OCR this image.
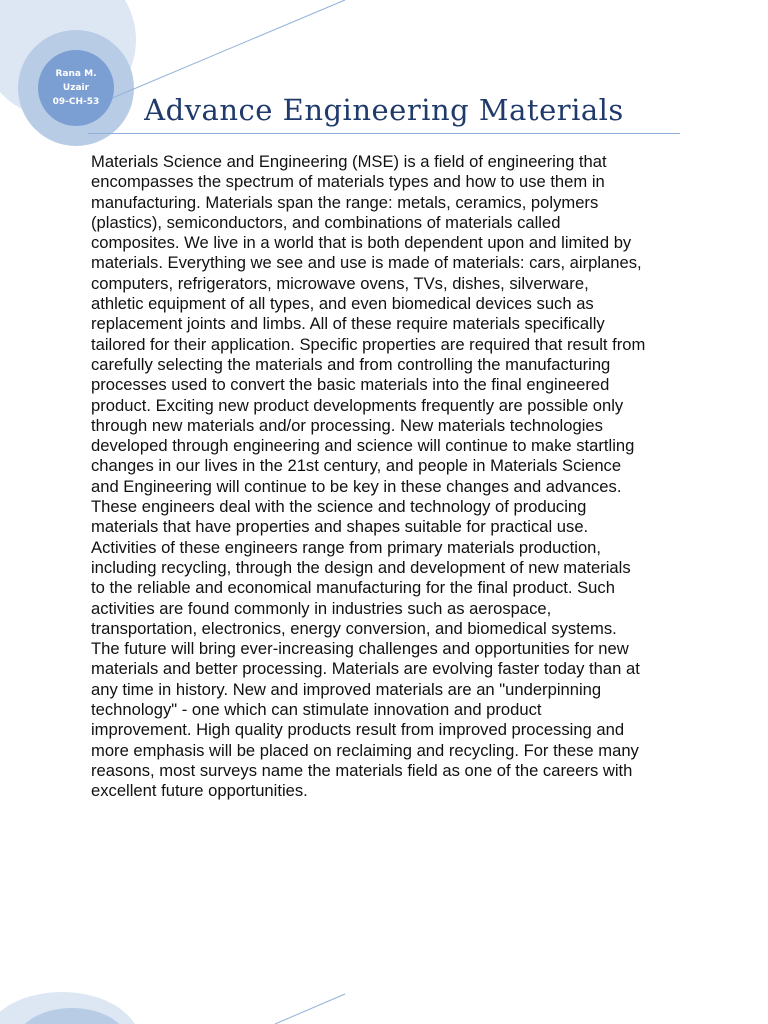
Rana M.
Uzair
09-CH-53	Advance Engineering Materials

Materials Science and Engineering (MSE) is a field of engineering that
encompasses the spectrum of materials types and how to use them in
manufacturing. Materials span the range: metals, ceramics, polymers
(plastics), semiconductors, and combinations of materials called
composites. We live in a world that is both dependent upon and limited by
materials. Everything we see and use is made of materials: cars, airplanes,
computers, refrigerators, microwave ovens, TVs, dishes, silverware,
athletic equipment of all types, and even biomedical devices such as
replacement joints and limbs. All of these require materials specifically
tailored for their application. Specific properties are required that result from
carefully selecting the materials and from controlling the manufacturing
processes used to convert the basic materials into the final engineered
product. Exciting new product developments frequently are possible only
through new materials and/or processing. New materials technologies
developed through engineering and science will continue to make startling
changes in our lives in the 21st century, and people in Materials Science
and Engineering will continue to be key in these changes and advances.
These engineers deal with the science and technology of producing
materials that have properties and shapes suitable for practical use.
Activities of these engineers range from primary materials production,
including recycling, through the design and development of new materials
to the reliable and economical manufacturing for the final product. Such
activities are found commonly in industries such as aerospace,
transportation, electronics, energy conversion, and biomedical systems.
The future will bring ever-increasing challenges and opportunities for new
materials and better processing. Materials are evolving faster today than at
any time in history. New and improved materials are an "underpinning
technology" - one which can stimulate innovation and product
improvement. High quality products result from improved processing and
more emphasis will be placed on reclaiming and recycling. For these many
reasons, most surveys name the materials field as one of the careers with
excellent future opportunities.
